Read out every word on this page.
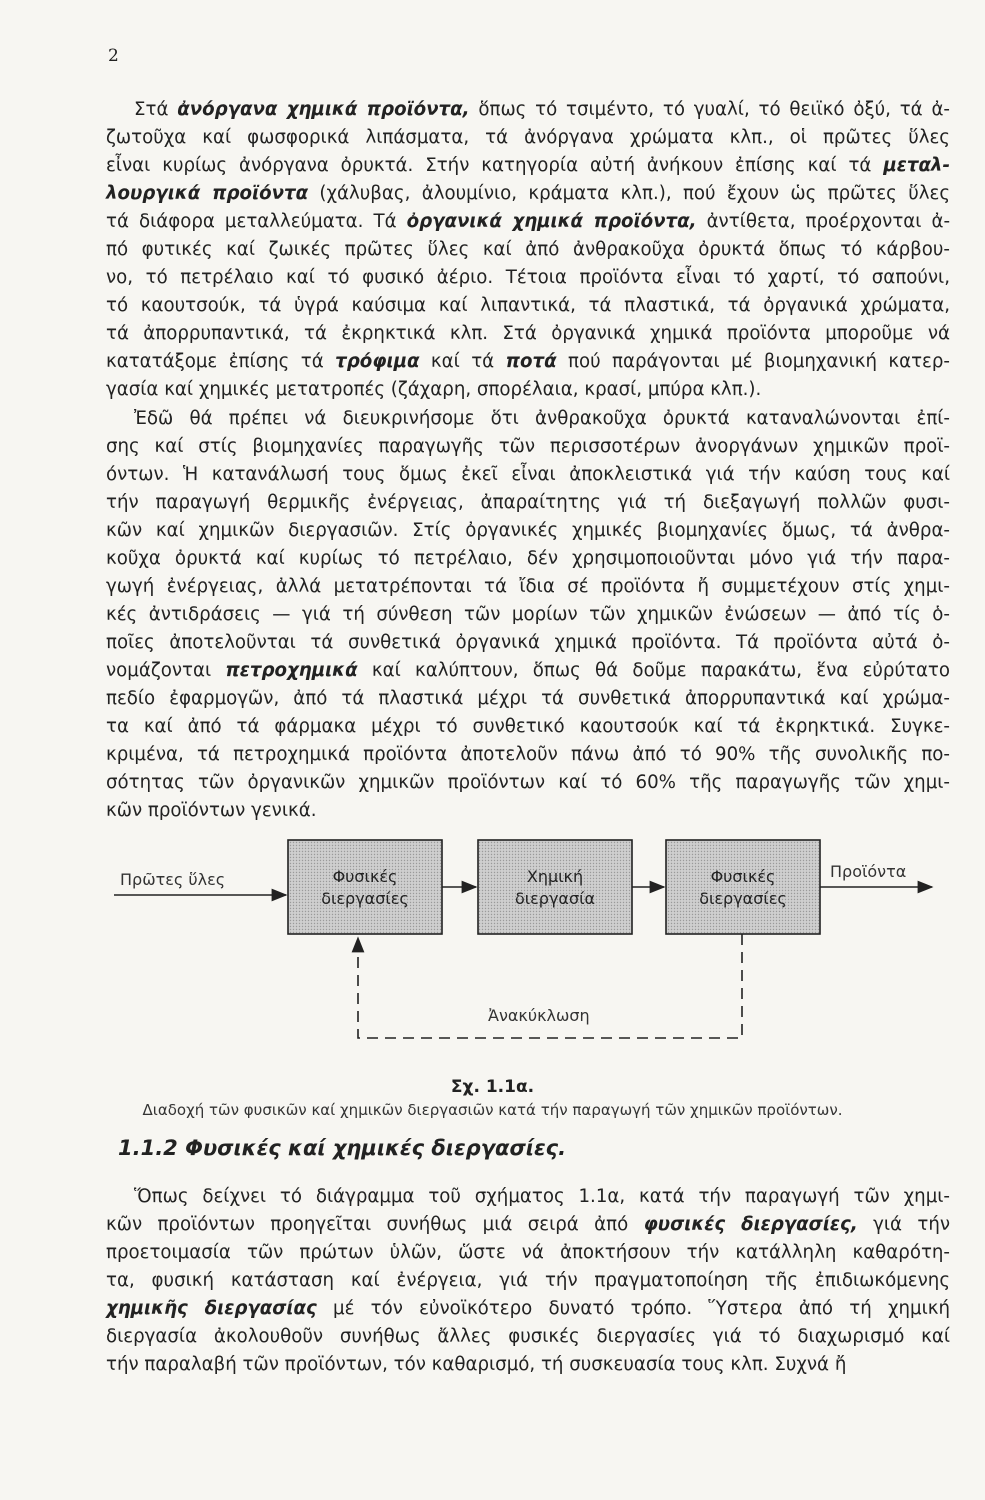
2
Στά ἀνόργανα χημικά προϊόντα, ὅπως τό τσιμέντο, τό γυαλί, τό θειϊκό ὀξύ, τά ἀ-
ζωτοῦχα καί φωσφορικά λιπάσματα, τά ἀνόργανα χρώματα κλπ., οἱ πρῶτες ὕλες
εἶναι κυρίως ἀνόργανα ὀρυκτά. Στήν κατηγορία αὐτή ἀνήκουν ἐπίσης καί τά μεταλ-
λουργικά προϊόντα (χάλυβας, ἀλουμίνιο, κράματα κλπ.), πού ἔχουν ὡς πρῶτες ὕλες
τά διάφορα μεταλλεύματα. Τά ὀργανικά χημικά προϊόντα, ἀντίθετα, προέρχονται ἀ-
πό φυτικές καί ζωικές πρῶτες ὕλες καί ἀπό ἀνθρακοῦχα ὀρυκτά ὅπως τό κάρβου-
νο, τό πετρέλαιο καί τό φυσικό ἀέριο. Τέτοια προϊόντα εἶναι τό χαρτί, τό σαπούνι,
τό καουτσούκ, τά ὑγρά καύσιμα καί λιπαντικά, τά πλαστικά, τά ὀργανικά χρώματα,
τά ἀπορρυπαντικά, τά ἐκρηκτικά κλπ. Στά ὀργανικά χημικά προϊόντα μποροῦμε νά
κατατάξομε ἐπίσης τά τρόφιμα καί τά ποτά πού παράγονται μέ βιομηχανική κατερ-
γασία καί χημικές μετατροπές (ζάχαρη, σπορέλαια, κρασί, μπύρα κλπ.).
Ἐδῶ θά πρέπει νά διευκρινήσομε ὅτι ἀνθρακοῦχα ὀρυκτά καταναλώνονται ἐπί-
σης καί στίς βιομηχανίες παραγωγῆς τῶν περισσοτέρων ἀνοργάνων χημικῶν προϊ-
όντων. Ἡ κατανάλωσή τους ὅμως ἐκεῖ εἶναι ἀποκλειστικά γιά τήν καύση τους καί
τήν παραγωγή θερμικῆς ἐνέργειας, ἀπαραίτητης γιά τή διεξαγωγή πολλῶν φυσι-
κῶν καί χημικῶν διεργασιῶν. Στίς ὀργανικές χημικές βιομηχανίες ὅμως, τά ἀνθρα-
κοῦχα ὀρυκτά καί κυρίως τό πετρέλαιο, δέν χρησιμοποιοῦνται μόνο γιά τήν παρα-
γωγή ἐνέργειας, ἀλλά μετατρέπονται τά ἴδια σέ προϊόντα ἤ συμμετέχουν στίς χημι-
κές ἀντιδράσεις — γιά τή σύνθεση τῶν μορίων τῶν χημικῶν ἐνώσεων — ἀπό τίς ὁ-
ποῖες ἀποτελοῦνται τά συνθετικά ὀργανικά χημικά προϊόντα. Τά προϊόντα αὐτά ὀ-
νομάζονται πετροχημικά καί καλύπτουν, ὅπως θά δοῦμε παρακάτω, ἕνα εὐρύτατο
πεδίο ἐφαρμογῶν, ἀπό τά πλαστικά μέχρι τά συνθετικά ἀπορρυπαντικά καί χρώμα-
τα καί ἀπό τά φάρμακα μέχρι τό συνθετικό καουτσούκ καί τά ἐκρηκτικά. Συγκε-
κριμένα, τά πετροχημικά προϊόντα ἀποτελοῦν πάνω ἀπό τό 90% τῆς συνολικῆς πο-
σότητας τῶν ὀργανικῶν χημικῶν προϊόντων καί τό 60% τῆς παραγωγῆς τῶν χημι-
κῶν προϊόντων γενικά.
Πρῶτες ὕλες	Προϊόντα
Φυσικές
διεργασίες
Χημική
διεργασία
Φυσικές
διεργασίες
Ἀνακύκλωση
Σχ. 1.1α.
Διαδοχή τῶν φυσικῶν καί χημικῶν διεργασιῶν κατά τήν παραγωγή τῶν χημικῶν προϊόντων.
1.1.2 Φυσικές καί χημικές διεργασίες.
Ὅπως δείχνει τό διάγραμμα τοῦ σχήματος 1.1α, κατά τήν παραγωγή τῶν χημι-
κῶν προϊόντων προηγεῖται συνήθως μιά σειρά ἀπό φυσικές διεργασίες, γιά τήν
προετοιμασία τῶν πρώτων ὑλῶν, ὥστε νά ἀποκτήσουν τήν κατάλληλη καθαρότη-
τα, φυσική κατάσταση καί ἐνέργεια, γιά τήν πραγματοποίηση τῆς ἐπιδιωκόμενης
χημικῆς διεργασίας μέ τόν εὐνοϊκότερο δυνατό τρόπο. Ὕστερα ἀπό τή χημική
διεργασία ἀκολουθοῦν συνήθως ἄλλες φυσικές διεργασίες γιά τό διαχωρισμό καί
τήν παραλαβή τῶν προϊόντων, τόν καθαρισμό, τή συσκευασία τους κλπ. Συχνά ἤ
